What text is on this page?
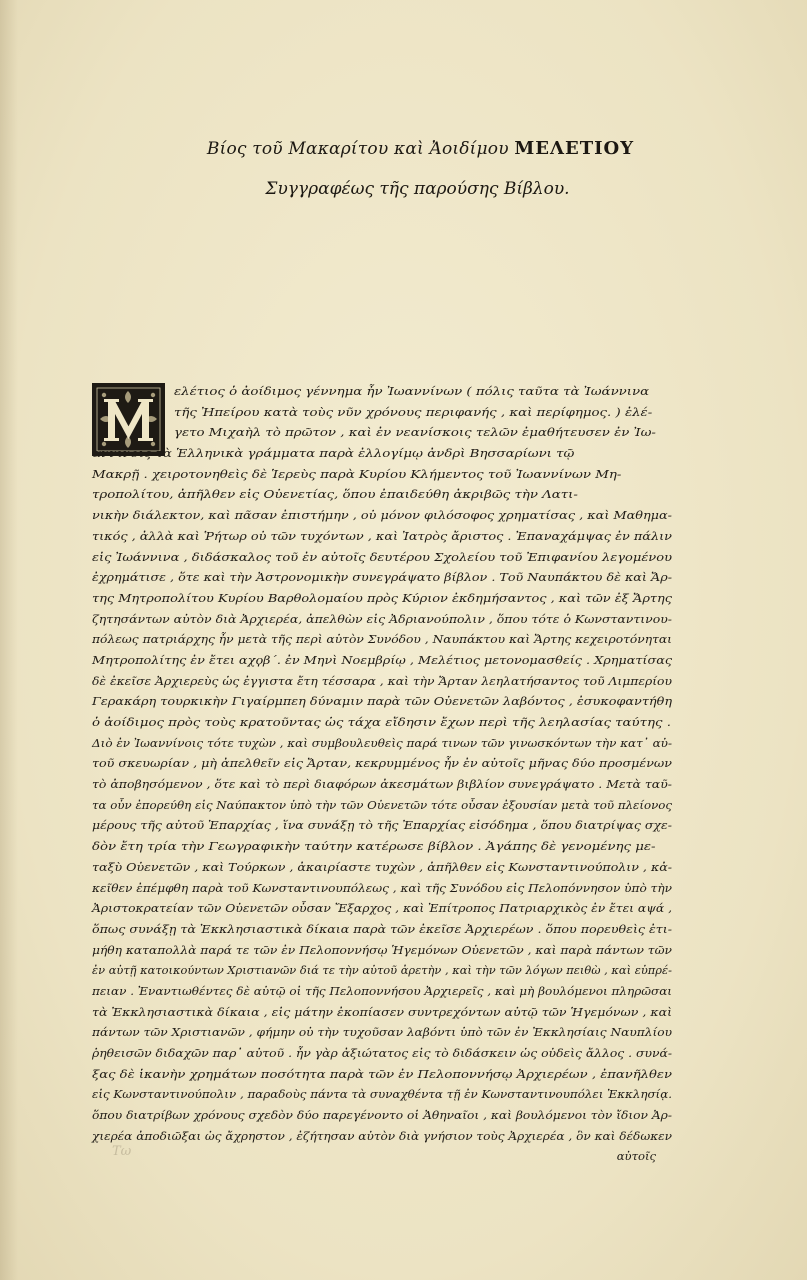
Βίος τοῦ Μακαρίτου καὶ Ἀοιδίμου ΜΕΛΕΤΙΟΥ
Συγγραφέως τῆς παρούσης Βίβλου.
ελέτιος ὁ ἀοίδιμος γέννημα ἦν Ἰωαννίνων ( πόλις ταῦτα τὰ Ἰωάννινα
τῆς Ἠπείρου κατὰ τοὺς νῦν χρόνους περιφανής , καὶ περίφημος. ) ἐλέ-
γετο Μιχαὴλ τὸ πρῶτον , καὶ ἐν νεανίσκοις τελῶν ἐμαθήτευσεν ἐν Ἰω-
αννίνοις τὰ Ἑλληνικὰ γράμματα παρὰ ἐλλογίμῳ ἀνδρὶ Βησσαρίωνι τῷ
Μακρῇ . χειροτονηθεὶς δὲ Ἱερεὺς παρὰ Κυρίου Κλήμεντος τοῦ Ἰωαννίνων Μη-
τροπολίτου, ἀπῆλθεν εἰς Οὐενετίας, ὅπου ἐπαιδεύθη ἀκριβῶς τὴν Λατι-
νικὴν διάλεκτον, καὶ πᾶσαν ἐπιστήμην , οὐ μόνον φιλόσοφος χρηματίσας , καὶ Μαθημα-
τικός , ἀλλὰ καὶ Ῥήτωρ οὐ τῶν τυχόντων , καὶ Ἰατρὸς ἄριστος . Ἐπαναχάμψας ἐν πάλιν
εἰς Ἰωάννινα , διδάσκαλος τοῦ ἐν αὐτοῖς δευτέρου Σχολείου τοῦ Ἐπιφανίου λεγομένου
ἐχρημάτισε , ὅτε καὶ τὴν Ἀστρονομικὴν συνεγράψατο βίβλον . Τοῦ Ναυπάκτου δὲ καὶ Ἄρ-
της Μητροπολίτου Κυρίου Βαρθολομαίου πρὸς Κύριον ἐκδημήσαντος , καὶ τῶν ἐξ Ἄρτης
ζητησάντων αὐτὸν διὰ Ἀρχιερέα, ἀπελθὼν εἰς Ἀδριανούπολιν , ὅπου τότε ὁ Κωνσταντινου-
πόλεως πατριάρχης ἦν μετὰ τῆς περὶ αὐτὸν Συνόδου , Ναυπάκτου καὶ Ἄρτης κεχειροτόνηται
Μητροπολίτης ἐν ἔτει αχϙβ΄. ἐν Μηνὶ Νοεμβρίῳ , Μελέτιος μετονομασθείς . Χρηματίσας
δὲ ἐκεῖσε Ἀρχιερεὺς ὡς ἐγγιστα ἔτη τέσσαρα , καὶ τὴν Ἄρταν λεηλατήσαντος τοῦ Λιμπερίου
Γερακάρη τουρκικὴν Γιγαίρμπεη δύναμιν παρὰ τῶν Οὐενετῶν λαβόντος , ἐσυκοφαντήθη
ὁ ἀοίδιμος πρὸς τοὺς κρατοῦντας ὡς τάχα εἴδησιν ἔχων περὶ τῆς λεηλασίας ταύτης .
Διὸ ἐν Ἰωαννίνοις τότε τυχὼν , καὶ συμβουλευθεὶς παρά τινων τῶν γινωσκόντων τὴν κατ᾽ αὐ-
τοῦ σκευωρίαν , μὴ ἀπελθεῖν εἰς Ἄρταν, κεκρυμμένος ἦν ἐν αὐτοῖς μῆνας δύο προσμένων
τὸ ἀποβησόμενον , ὅτε καὶ τὸ περὶ διαφόρων ἀκεσμάτων βιβλίον συνεγράψατο . Μετὰ ταῦ-
τα οὖν ἐπορεύθη εἰς Ναύπακτον ὑπὸ τὴν τῶν Οὐενετῶν τότε οὖσαν ἐξουσίαν μετὰ τοῦ πλείονος
μέρους τῆς αὐτοῦ Ἐπαρχίας , ἵνα συνάξῃ τὸ τῆς Ἐπαρχίας εἰσόδημα , ὅπου διατρίψας σχε-
δὸν ἔτη τρία τὴν Γεωγραφικὴν ταύτην κατέρωσε βίβλον . Ἀγάπης δὲ γενομένης με-
ταξὺ Οὐενετῶν , καὶ Τούρκων , ἀκαιρίαστε τυχὼν , ἀπῆλθεν εἰς Κωνσταντινούπολιν , κἀ-
κεῖθεν ἐπέμφθη παρὰ τοῦ Κωνσταντινουπόλεως , καὶ τῆς Συνόδου εἰς Πελοπόννησον ὑπὸ τὴν
Ἀριστοκρατείαν τῶν Οὐενετῶν οὖσαν Ἔξαρχος , καὶ Ἐπίτροπος Πατριαρχικὸς ἐν ἔτει αψά ,
ὅπως συνάξῃ τὰ Ἐκκλησιαστικὰ δίκαια παρὰ τῶν ἐκεῖσε Ἀρχιερέων . ὅπου πορευθεὶς ἐτι-
μήθη καταπολλὰ παρά τε τῶν ἐν Πελοποννήσῳ Ἡγεμόνων Οὐενετῶν , καὶ παρὰ πάντων τῶν
ἐν αὐτῇ κατοικούντων Χριστιανῶν διά τε τὴν αὐτοῦ ἀρετὴν , καὶ τὴν τῶν λόγων πειθὼ , καὶ εὐπρέ-
πειαν . Ἐναντιωθέντες δὲ αὐτῷ οἱ τῆς Πελοποννήσου Ἀρχιερεῖς , καὶ μὴ βουλόμενοι πληρῶσαι
τὰ Ἐκκλησιαστικὰ δίκαια , εἰς μάτην ἐκοπίασεν συντρεχόντων αὐτῷ τῶν Ἡγεμόνων , καὶ
πάντων τῶν Χριστιανῶν , φήμην οὐ τὴν τυχοῦσαν λαβόντι ὑπὸ τῶν ἐν Ἐκκλησίαις Ναυπλίου
ῥηθεισῶν διδαχῶν παρ᾽ αὐτοῦ . ἦν γὰρ ἀξιώτατος εἰς τὸ διδάσκειν ὡς οὐδεὶς ἄλλος . συνά-
ξας δὲ ἱκανὴν χρημάτων ποσότητα παρὰ τῶν ἐν Πελοποννήσῳ Ἀρχιερέων , ἐπανῆλθεν
εἰς Κωνσταντινούπολιν , παραδοὺς πάντα τὰ συναχθέντα τῇ ἐν Κωνσταντινουπόλει Ἐκκλησίᾳ.
ὅπου διατρίβων χρόνους σχεδὸν δύο παρεγένοντο οἱ Ἀθηναῖοι , καὶ βουλόμενοι τὸν ἴδιον Ἀρ-
χιερέα ἀποδιῶξαι ὡς ἄχρηστον , ἐζήτησαν αὐτὸν διὰ γνήσιον τοὺς Ἀρχιερέα , ὃν καὶ δέδωκεν
αὐτοῖς
Τω
